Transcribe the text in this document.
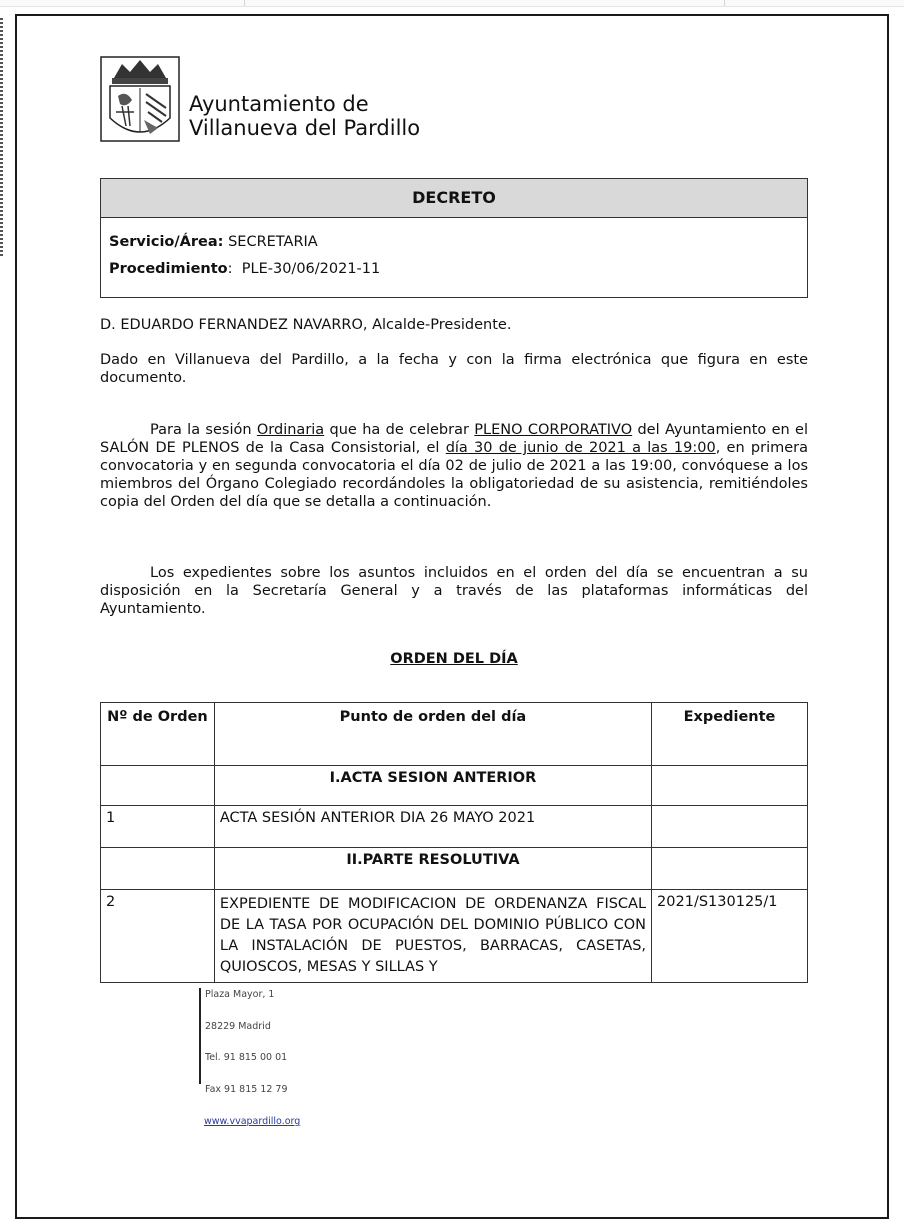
Ayuntamiento de
Villanueva del Pardillo
DECRETO
Servicio/Área: SECRETARIA
Procedimiento:  PLE-30/06/2021-11
D. EDUARDO FERNANDEZ NAVARRO, Alcalde-Presidente.
Dado en Villanueva del Pardillo, a la fecha y con la firma electrónica que figura en este documento.
Para la sesión Ordinaria que ha de celebrar PLENO CORPORATIVO del Ayuntamiento en el SALÓN DE PLENOS de la Casa Consistorial, el día 30 de junio de 2021 a las 19:00, en primera convocatoria y en segunda convocatoria el día 02 de julio de 2021 a las 19:00, convóquese a los miembros del Órgano Colegiado recordándoles la obligatoriedad de su asistencia, remitiéndoles copia del Orden del día que se detalla a continuación.
Los expedientes sobre los asuntos incluidos en el orden del día se encuentran a su disposición en la Secretaría General y a través de las plataformas informáticas del Ayuntamiento.
ORDEN DEL DÍA
Nº de Orden	Punto de orden del día	Expediente
	I.ACTA SESION ANTERIOR	
1	ACTA SESIÓN ANTERIOR DIA 26 MAYO 2021	
	II.PARTE RESOLUTIVA	
2	EXPEDIENTE DE MODIFICACION DE ORDENANZA FISCAL DE LA TASA POR OCUPACIÓN DEL DOMINIO PÚBLICO CON LA INSTALACIÓN DE PUESTOS, BARRACAS, CASETAS, QUIOSCOS, MESAS Y SILLAS Y	2021/S130125/1
Plaza Mayor, 1
28229 Madrid
Tel. 91 815 00 01
Fax 91 815 12 79
www.vvapardillo.org
